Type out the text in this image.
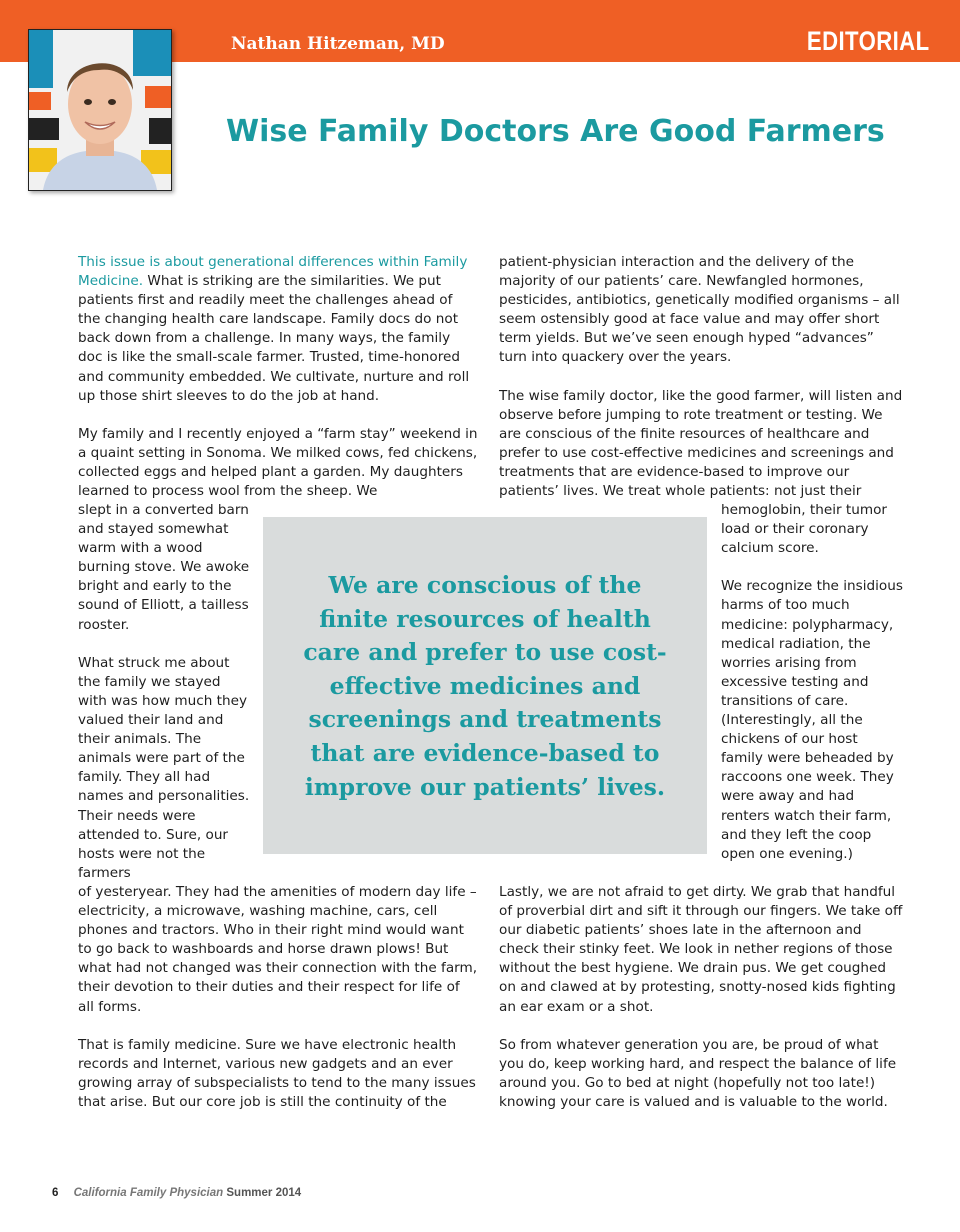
Nathan Hitzeman, MD	EDITORIAL
Wise Family Doctors Are Good Farmers

This issue is about generational differences within Family Medicine. What is striking are the similarities. We put patients first and readily meet the challenges ahead of the changing health care landscape. Family docs do not back down from a challenge. In many ways, the family doc is like the small-scale farmer. Trusted, time-honored and community embedded. We cultivate, nurture and roll up those shirt sleeves to do the job at hand.

My family and I recently enjoyed a “farm stay” weekend in a quaint setting in Sonoma. We milked cows, fed chickens, collected eggs and helped plant a garden. My daughters learned to process wool from the sheep. We

slept in a converted barn and stayed somewhat warm with a wood burning stove. We awoke bright and early to the sound of Elliott, a tailless rooster.

What struck me about the family we stayed with was how much they valued their land and their animals. The animals were part of the family. They all had names and personalities. Their needs were attended to. Sure, our hosts were not the farmers

of yesteryear. They had the amenities of modern day life – electricity, a microwave, washing machine, cars, cell phones and tractors. Who in their right mind would want to go back to washboards and horse drawn plows! But what had not changed was their connection with the farm, their devotion to their duties and their respect for life of all forms.

That is family medicine. Sure we have electronic health records and Internet, various new gadgets and an ever growing array of subspecialists to tend to the many issues that arise. But our core job is still the continuity of the

patient-physician interaction and the delivery of the majority of our patients’ care. Newfangled hormones, pesticides, antibiotics, genetically modified organisms – all seem ostensibly good at face value and may offer short term yields. But we’ve seen enough hyped “advances” turn into quackery over the years.

The wise family doctor, like the good farmer, will listen and observe before jumping to rote treatment or testing. We are conscious of the finite resources of healthcare and prefer to use cost-effective medicines and screenings and treatments that are evidence-based to improve our patients’ lives. We treat whole patients: not just their

hemoglobin, their tumor load or their coronary calcium score.

We recognize the insidious harms of too much medicine: polypharmacy, medical radiation, the worries arising from excessive testing and transitions of care. (Interestingly, all the chickens of our host family were beheaded by raccoons one week. They were away and had renters watch their farm, and they left the coop open one evening.)

Lastly, we are not afraid to get dirty. We grab that handful of proverbial dirt and sift it through our fingers. We take off our diabetic patients’ shoes late in the afternoon and check their stinky feet. We look in nether regions of those without the best hygiene. We drain pus. We get coughed on and clawed at by protesting, snotty-nosed kids fighting an ear exam or a shot.

So from whatever generation you are, be proud of what you do, keep working hard, and respect the balance of life around you. Go to bed at night (hopefully not too late!) knowing your care is valued and is valuable to the world.

We are conscious of the finite resources of health care and prefer to use cost-effective medicines and screenings and treatments that are evidence-based to improve our patients’ lives.

6 California Family Physician Summer 2014
